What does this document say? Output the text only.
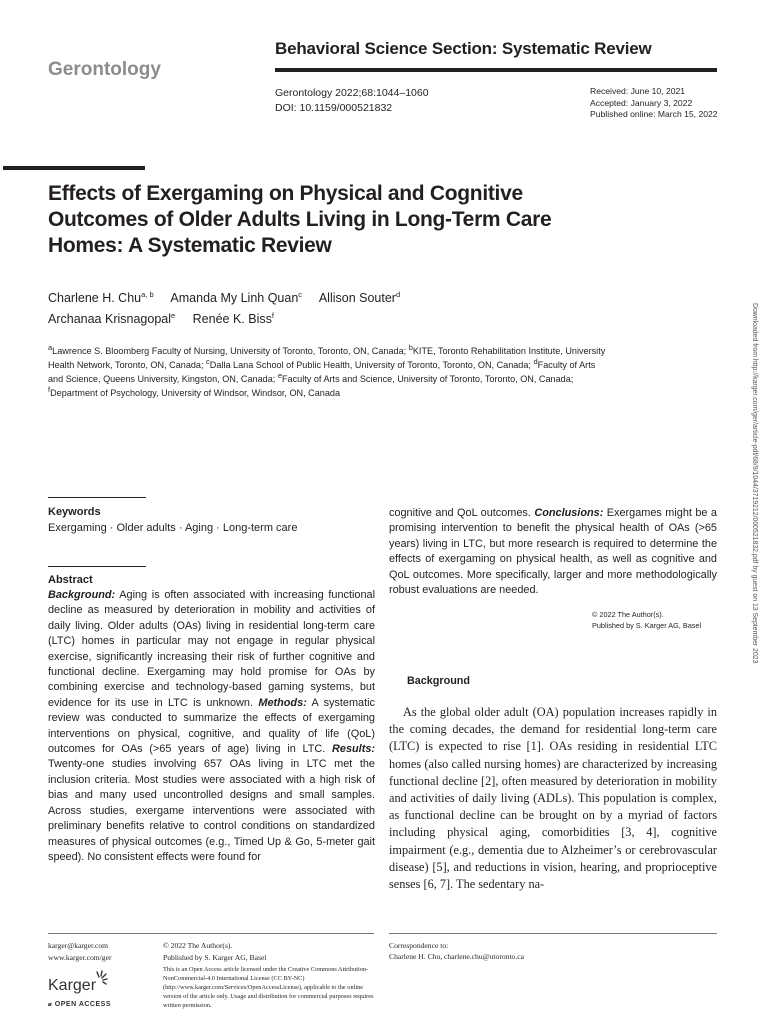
Gerontology
Behavioral Science Section: Systematic Review
Gerontology 2022;68:1044–1060
DOI: 10.1159/000521832
Received: June 10, 2021
Accepted: January 3, 2022
Published online: March 15, 2022
Effects of Exergaming on Physical and Cognitive Outcomes of Older Adults Living in Long-Term Care Homes: A Systematic Review
Charlene H. Chu$^{a, b}$ Amanda My Linh Quan$^c$ Allison Souter$^d$
Archanaa Krisnagopal$^e$ Renée K. Biss$^f$
$^a$Lawrence S. Bloomberg Faculty of Nursing, University of Toronto, Toronto, ON, Canada; $^b$KITE, Toronto Rehabilitation Institute, University Health Network, Toronto, ON, Canada; $^c$Dalla Lana School of Public Health, University of Toronto, Toronto, ON, Canada; $^d$Faculty of Arts and Science, Queens University, Kingston, ON, Canada; $^e$Faculty of Arts and Science, University of Toronto, Toronto, ON, Canada; $^f$Department of Psychology, University of Windsor, Windsor, ON, Canada	Downloaded from http://karger.com/ger/article-pdf/68/9/1044/3719212/000521832.pdf by guest on 13 September 2023
Keywords
Exergaming · Older adults · Aging · Long-term care
Abstract
Background: Aging is often associated with increasing functional decline as measured by deterioration in mobility and activities of daily living. Older adults (OAs) living in residential long-term care (LTC) homes in particular may not engage in regular physical exercise, significantly increasing their risk of further cognitive and functional decline. Exergaming may hold promise for OAs by combining exercise and technology-based gaming systems, but evidence for its use in LTC is unknown. Methods: A systematic review was conducted to summarize the effects of exergaming interventions on physical, cognitive, and quality of life (QoL) outcomes for OAs (>65 years of age) living in LTC. Results: Twenty-one studies involving 657 OAs living in LTC met the inclusion criteria. Most studies were associated with a high risk of bias and many used uncontrolled designs and small samples. Across studies, exergame interventions were associated with preliminary benefits relative to control conditions on standardized measures of physical outcomes (e.g., Timed Up & Go, 5-meter gait speed). No consistent effects were found for
cognitive and QoL outcomes. Conclusions: Exergames might be a promising intervention to benefit the physical health of OAs (>65 years) living in LTC, but more research is required to determine the effects of exergaming on physical health, as well as cognitive and QoL outcomes. More specifically, larger and more methodologically robust evaluations are needed.
© 2022 The Author(s).
Published by S. Karger AG, Basel
Background
As the global older adult (OA) population increases rapidly in the coming decades, the demand for residential long-term care (LTC) is expected to rise [1]. OAs residing in residential LTC homes (also called nursing homes) are characterized by increasing functional decline [2], often measured by deterioration in mobility and activities of daily living (ADLs). This population is complex, as functional decline can be brought on by a myriad of factors including physical aging, comorbidities [3, 4], cognitive impairment (e.g., dementia due to Alzheimer’s or cerebrovascular disease) [5], and reductions in vision, hearing, and proprioceptive senses [6, 7]. The sedentary na-
karger@karger.com
www.karger.com/ger
Karger
𝒶 OPEN ACCESS
© 2022 The Author(s).
Published by S. Karger AG, Basel
This is an Open Access article licensed under the Creative Commons Attribution-NonCommercial-4.0 International License (CC BY-NC) (http://www.karger.com/Services/OpenAccessLicense), applicable to the online version of the article only. Usage and distribution for commercial purposes requires written permission.
Correspondence to:
Charlene H. Chu, charlene.chu@utoronto.ca
